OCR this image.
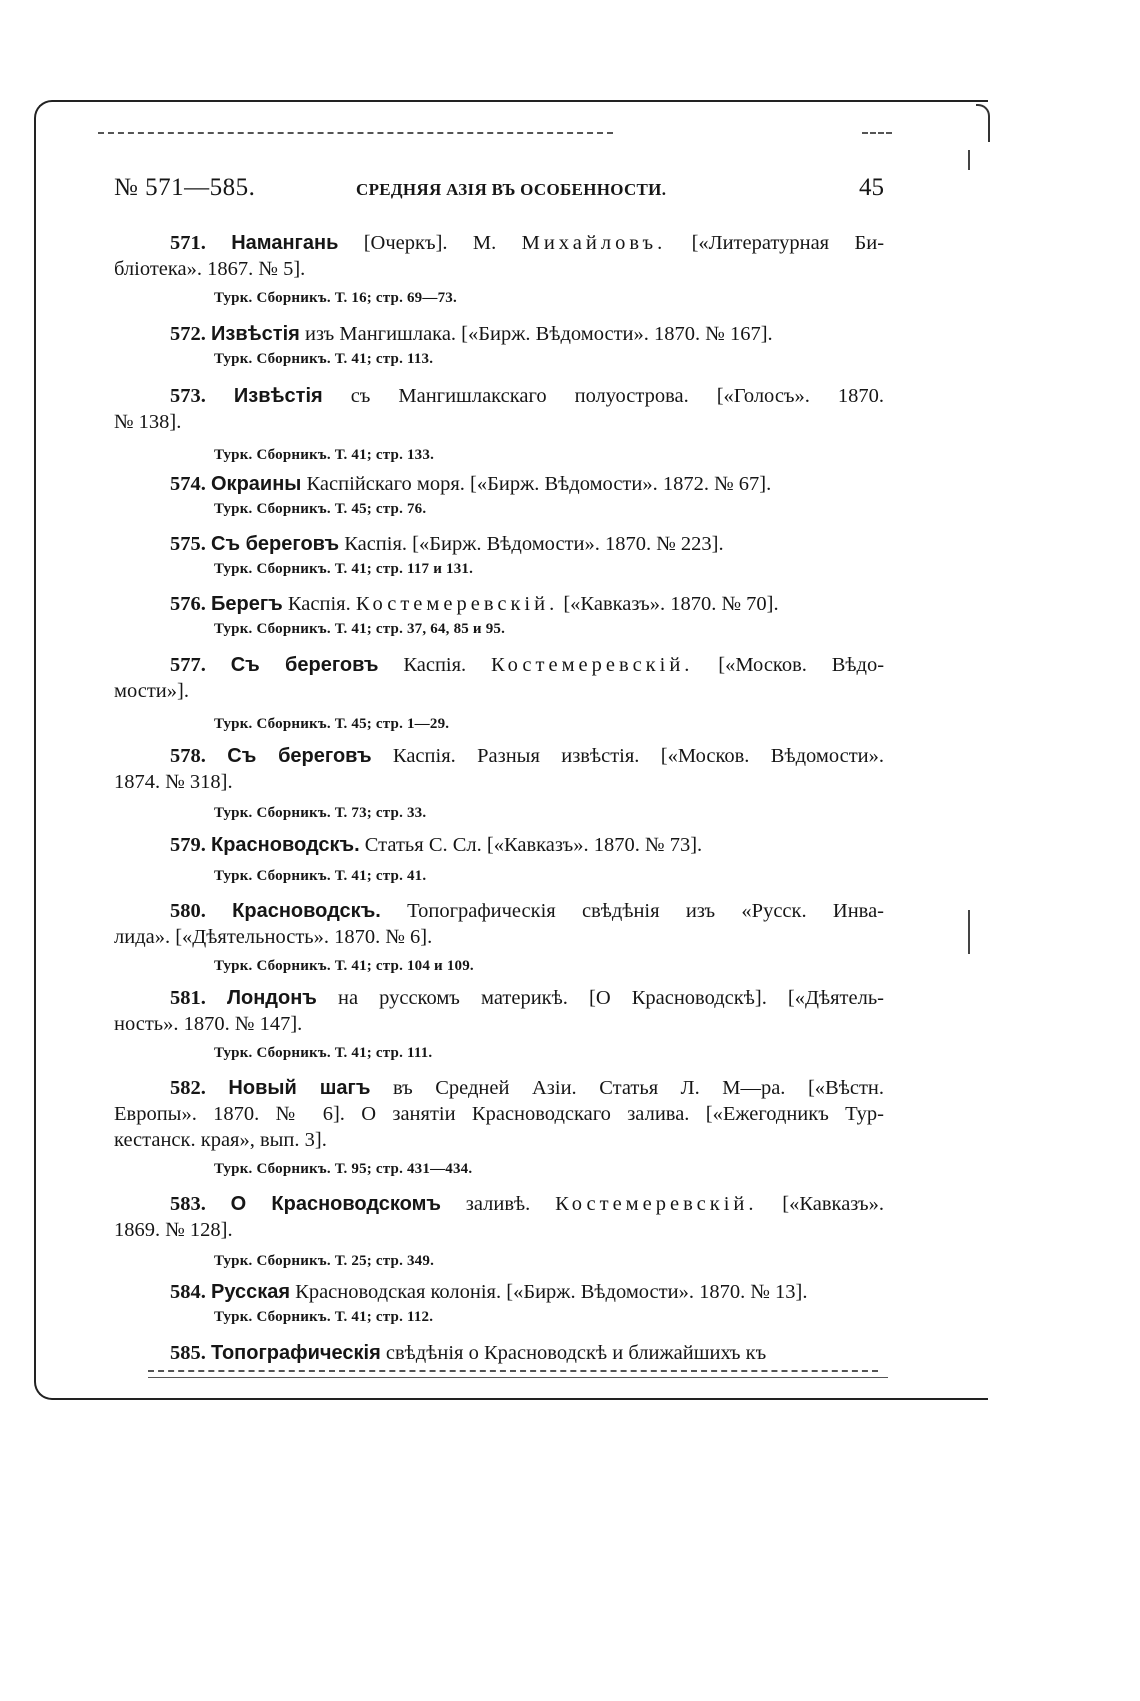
№ 571—585.	СРЕДНЯЯ АЗІЯ ВЪ ОСОБЕННОСТИ.	45
571. Намангань [Очеркъ]. М. Михайловъ. [«Литературная Би-
бліотека». 1867. № 5].
Турк. Сборникъ. Т. 16; стр. 69—73.
572. Извѣстія изъ Мангишлака. [«Бирж. Вѣдомости». 1870. № 167].
Турк. Сборникъ. Т. 41; стр. 113.
573. Извѣстія съ Мангишлакскаго полуострова. [«Голосъ». 1870.
№ 138].
Турк. Сборникъ. Т. 41; стр. 133.
574. Окраины Каспійскаго моря. [«Бирж. Вѣдомости». 1872. № 67].
Турк. Сборникъ. Т. 45; стр. 76.
575. Съ береговъ Каспія. [«Бирж. Вѣдомости». 1870. № 223].
Турк. Сборникъ. Т. 41; стр. 117 и 131.
576. Берегъ Каспія. Костемеревскій. [«Кавказъ». 1870. № 70].
Турк. Сборникъ. Т. 41; стр. 37, 64, 85 и 95.
577. Съ береговъ Каспія. Костемеревскій. [«Москов. Вѣдо-
мости»].
Турк. Сборникъ. Т. 45; стр. 1—29.
578. Съ береговъ Каспія. Разныя извѣстія. [«Москов. Вѣдомости».
1874. № 318].
Турк. Сборникъ. Т. 73; стр. 33.
579. Красноводскъ. Статья С. Сл. [«Кавказъ». 1870. № 73].
Турк. Сборникъ. Т. 41; стр. 41.
580. Красноводскъ. Топографическія свѣдѣнія изъ «Русск. Инва-
лида». [«Дѣятельность». 1870. № 6].
Турк. Сборникъ. Т. 41; стр. 104 и 109.
581. Лондонъ на русскомъ материкѣ. [О Красноводскѣ]. [«Дѣятель-
ность». 1870. № 147].
Турк. Сборникъ. Т. 41; стр. 111.
582. Новый шагъ въ Средней Азіи. Статья Л. М—ра. [«Вѣстн.
Европы». 1870. № 6]. О занятіи Красноводскаго залива. [«Ежегодникъ Тур-
кестанск. края», вып. 3].
Турк. Сборникъ. Т. 95; стр. 431—434.
583. О Красноводскомъ заливѣ. Костемеревскій. [«Кавказъ».
1869. № 128].
Турк. Сборникъ. Т. 25; стр. 349.
584. Русская Красноводская колонія. [«Бирж. Вѣдомости». 1870. № 13].
Турк. Сборникъ. Т. 41; стр. 112.
585. Топографическія свѣдѣнія о Красноводскѣ и ближайшихъ къ
